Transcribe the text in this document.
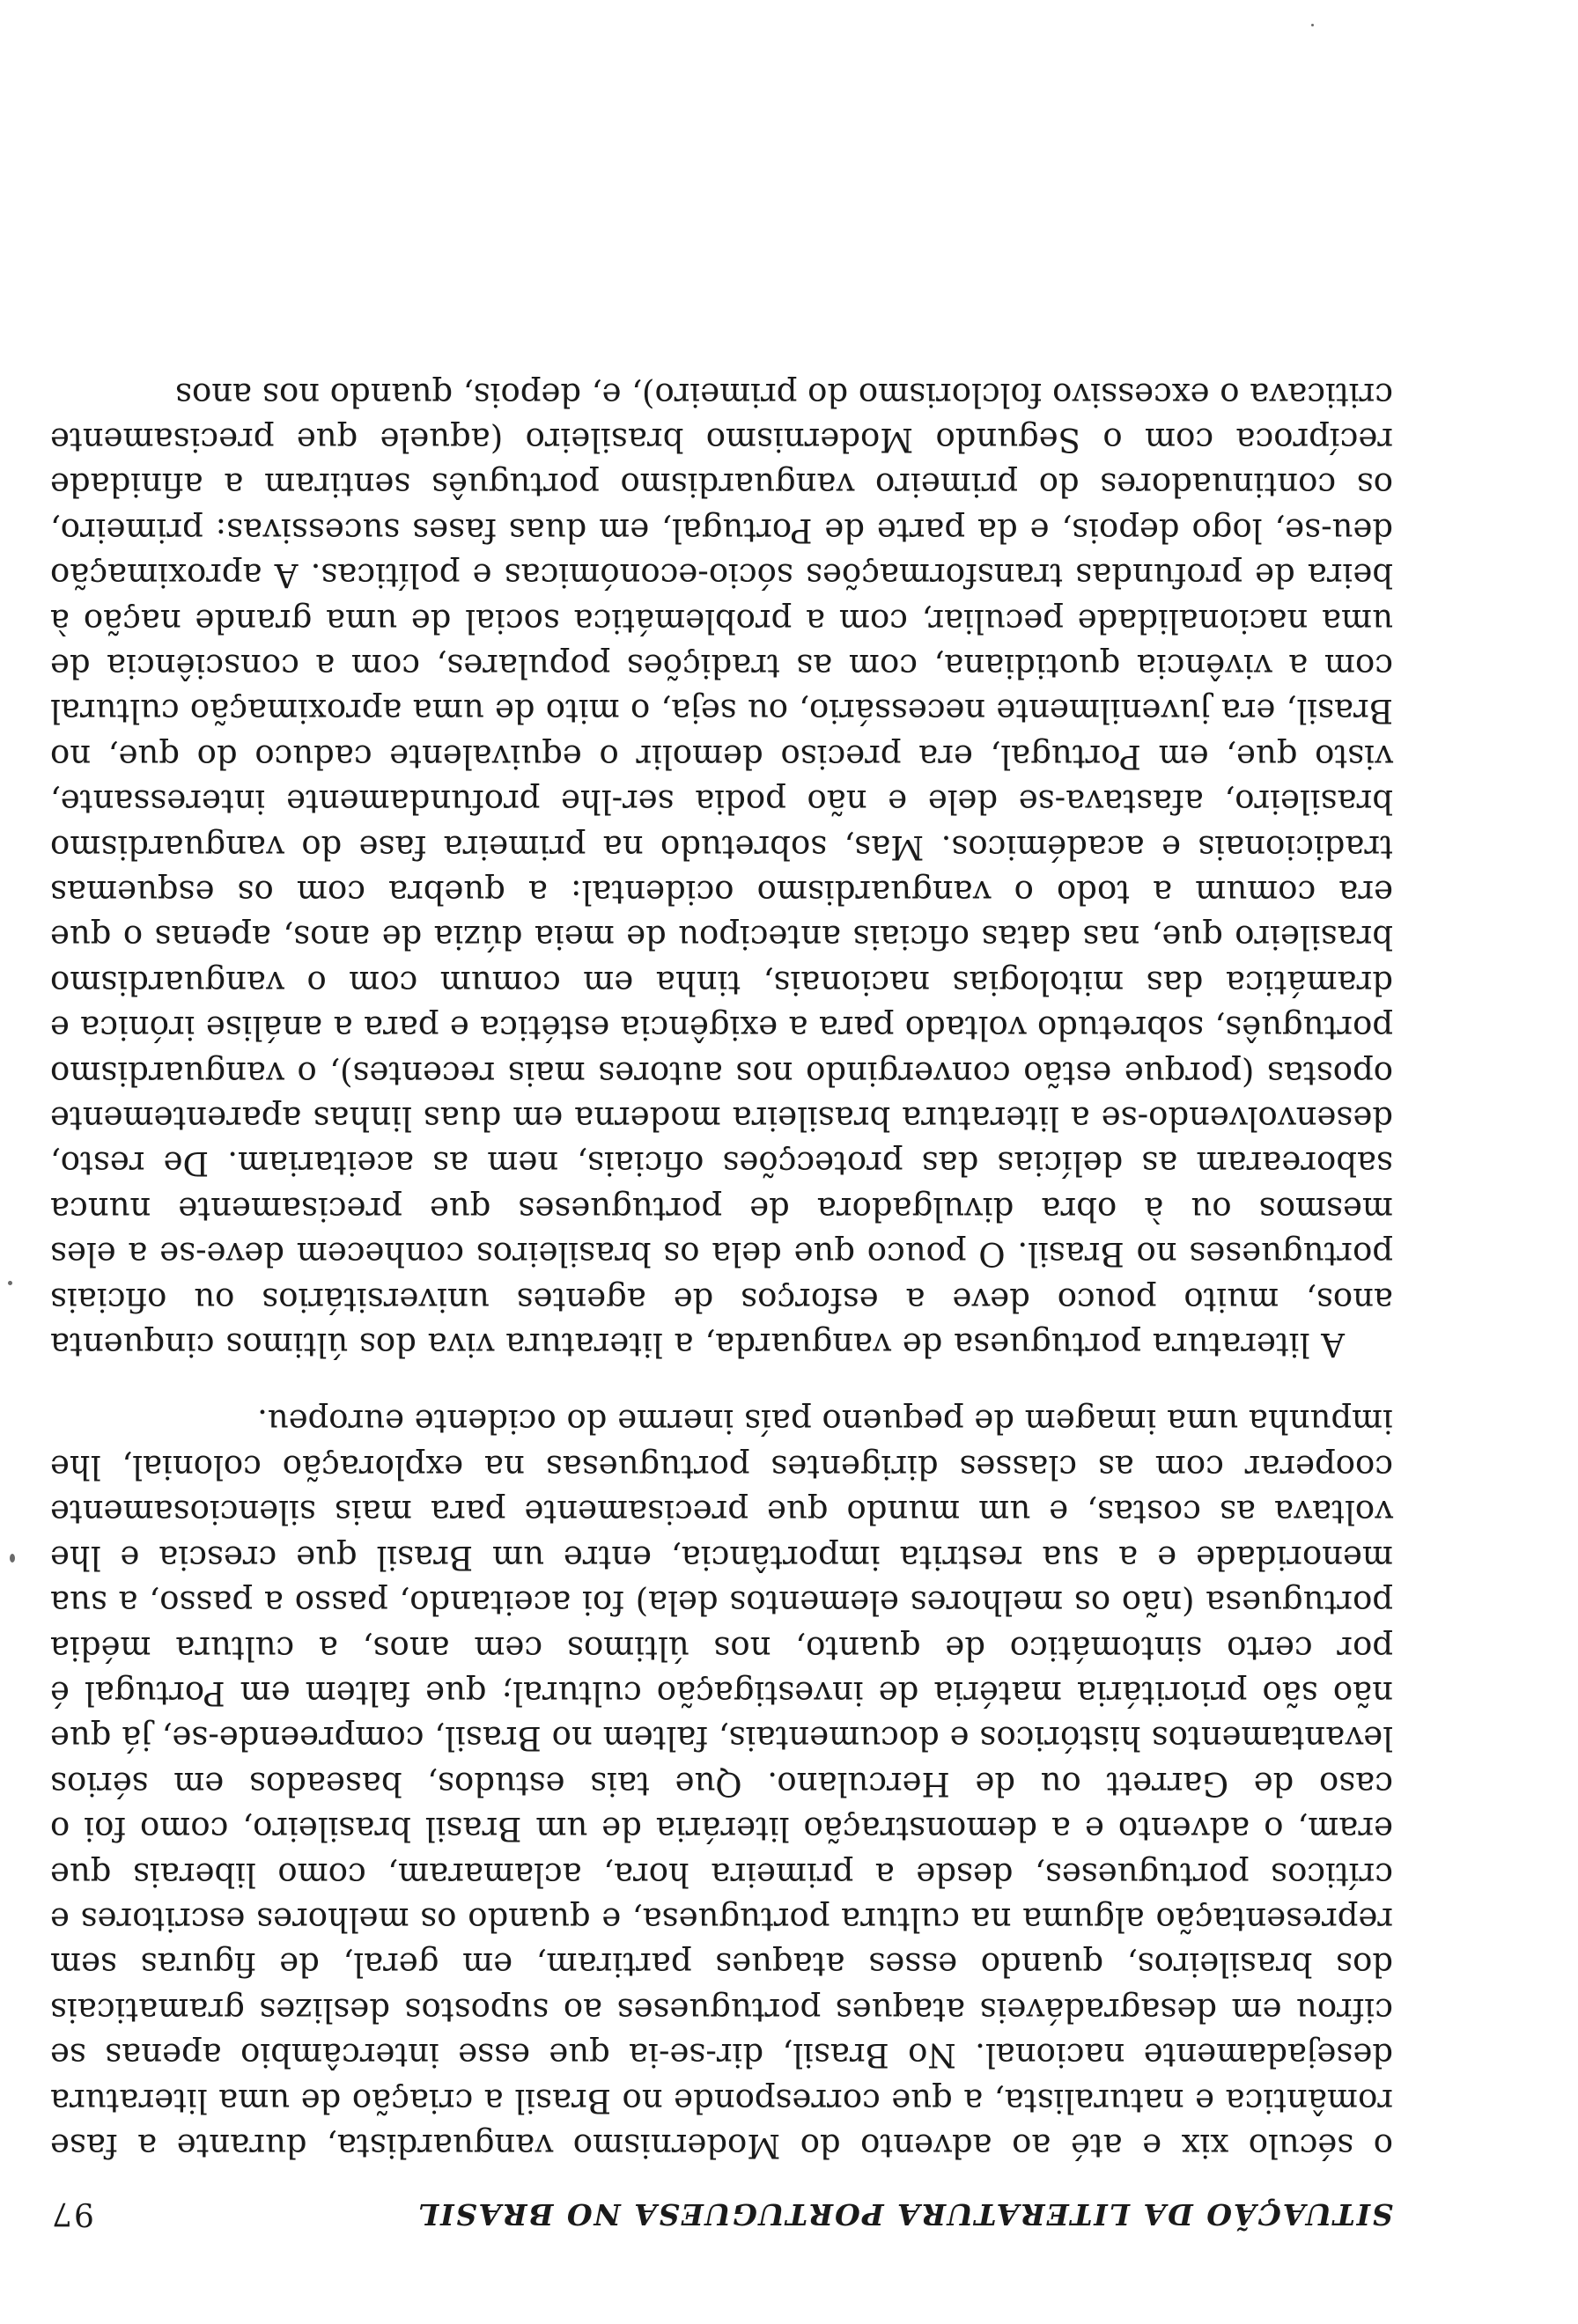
SITUAÇÃO DA LITERATURA PORTUGUESA NO BRASIL
97

o século xix e até ao advento do Modernismo vanguardista, durante a fase romântica e naturalista, a que corresponde no Brasil a criação de uma literatura desejadamente nacional. No Brasil, dir-se-ia que esse intercâmbio apenas se cifrou em desagradáveis ataques portugueses ao supostos deslizes gramaticais dos brasileiros, quando esses ataques partiram, em geral, de figuras sem representação alguma na cultura portuguesa, e quando os melhores escritores e críticos portugueses, desde a primeira hora, aclamaram, como liberais que eram, o advento e a demonstração literária de um Brasil brasileiro, como foi o caso de Garrett ou de Herculano. Que tais estudos, baseados em sérios levantamentos históricos e documentais, faltem no Brasil, compreende-se, já que não são prioritária matéria de investigação cultural; que faltem em Portugal é por certo sintomático de quanto, nos últimos cem anos, a cultura média portuguesa (não os melhores elementos dela) foi aceitando, passo a passo, a sua menoridade e a sua restrita importância, entre um Brasil que crescia e lhe voltava as costas, e um mundo que precisamente para mais silenciosamente cooperar com as classes dirigentes portuguesas na exploração colonial, lhe impunha uma imagem de pequeno país inerme do ocidente europeu.

A literatura portuguesa de vanguarda, a literatura viva dos últimos cinquenta anos, muito pouco deve a esforços de agentes universitários ou oficiais portugueses no Brasil. O pouco que dela os brasileiros conhecem deve-se a eles mesmos ou à obra divulgadora de portugueses que precisamente nunca saborearam as delícias das protecções oficiais, nem as aceitariam. De resto, desenvolvendo-se a literatura brasileira moderna em duas linhas aparentemente opostas (porque estão convergindo nos autores mais recentes), o vanguardismo português, sobretudo voltado para a exigência estética e para a análise irónica e dramática das mitologias nacionais, tinha em comum com o vanguardismo brasileiro que, nas datas oficiais antecipou de meia dúzia de anos, apenas o que era comum a todo o vanguardismo ocidental: a quebra com os esquemas tradicionais e académicos. Mas, sobretudo na primeira fase do vanguardismo brasileiro, afastava-se dele e não podia ser-lhe profundamente interessante, visto que, em Portugal, era preciso demolir o equivalente caduco do que, no Brasil, era juvenilmente necessário, ou seja, o mito de uma aproximação cultural com a vivência quotidiana, com as tradições populares, com a consciência de uma nacionalidade peculiar, com a problemática social de uma grande nação à beira de profundas transformações sócio-económicas e políticas. A aproximação deu-se, logo depois, e da parte de Portugal, em duas fases sucessivas: primeiro, os continuadores do primeiro vanguardismo português sentiram a afinidade recíproca com o Segundo Modernismo brasileiro (aquele que precisamente criticava o excessivo folclorismo do primeiro), e, depois, quando nos anos
